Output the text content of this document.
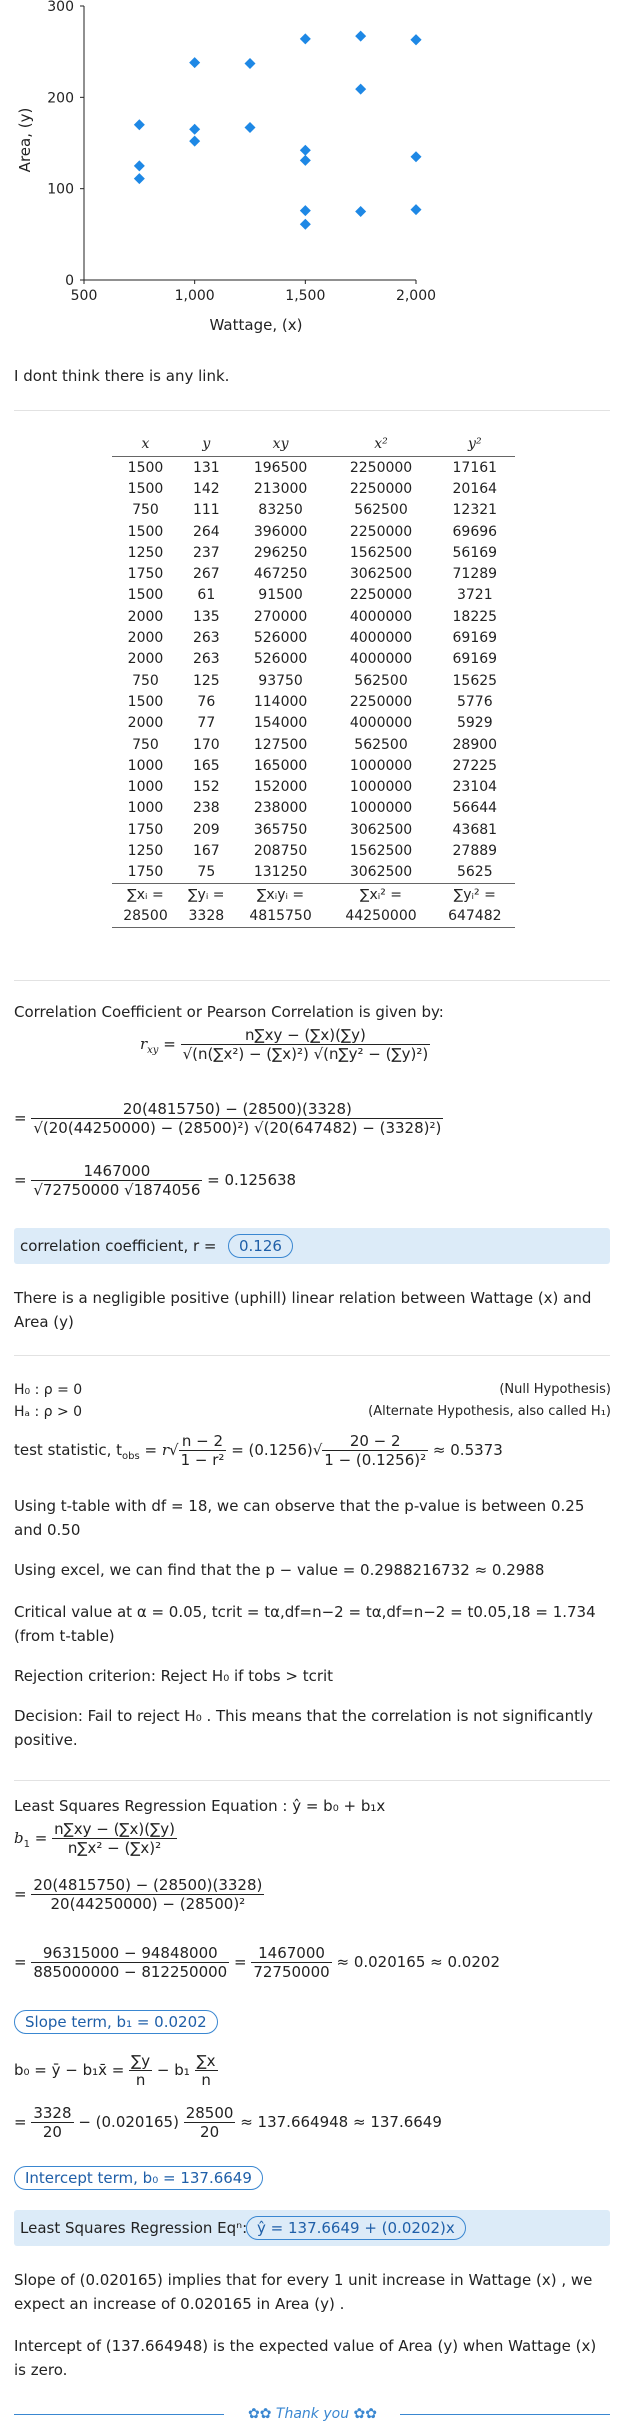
500	1,000	1,500	2,000
0
100
200
300
Wattage, (x)
Area, (y)
I dont think there is any link.
x	y	xy	x²	y²
1500	131	196500	2250000	17161
1500	142	213000	2250000	20164
750	111	83250	562500	12321
1500	264	396000	2250000	69696
1250	237	296250	1562500	56169
1750	267	467250	3062500	71289
1500	61	91500	2250000	3721
2000	135	270000	4000000	18225
2000	263	526000	4000000	69169
2000	263	526000	4000000	69169
750	125	93750	562500	15625
1500	76	114000	2250000	5776
2000	77	154000	4000000	5929
750	170	127500	562500	28900
1000	165	165000	1000000	27225
1000	152	152000	1000000	23104
1000	238	238000	1000000	56644
1750	209	365750	3062500	43681
1250	167	208750	1562500	27889
1750	75	131250	3062500	5625
∑xᵢ =	∑yᵢ =	∑xᵢyᵢ =	∑xᵢ² =	∑yᵢ² =
28500	3328	4815750	44250000	647482
Correlation Coefficient or Pearson Correlation is given by:
$r_{xy} = \frac{n\sum xy - (\sum x)(\sum y)}{\text{√(n(∑x²) − (∑x)²) √(n∑y² − (∑y)²)}}$
= $\frac{20(4815750) - (28500)(3328)}{\text{√(20(44250000) − (28500)²) √(20(647482) − (3328)²)}}$
= $\frac{1467000}{√72750000 √1874056} = 0.125638$
correlation coefficient, r =	0.126
There is a negligible positive (uphill) linear relation between Wattage (x) and Area (y)
H₀ : ρ = 0	(Null Hypothesis)
Hₐ : ρ > 0	(Alternate Hypothesis, also called H₁)
test statistic, $t_{obs} = r√ \frac{n - 2}{\text{1 − r²}} = (0.1256)√ \frac{20 - 2}{\text{1 − (0.1256)²}} \approx 0.5373$
Using t-table with df = 18, we can observe that the p-value is between 0.25 and 0.50
Using excel, we can find that the p − value = 0.2988216732 ≈ 0.2988
Critical value at α = 0.05, tcrit = tα,df=n−2 = tα,df=n−2 = t0.05,18 = 1.734 (from t-table)
Rejection criterion: Reject H₀ if tobs > tcrit
Decision: Fail to reject H₀ . This means that the correlation is not significantly positive.
Least Squares Regression Equation : ŷ = b₀ + b₁x
$b_1 = \frac{n\sum xy - (\sum x)(\sum y)}{\text{n∑x² − (∑x)²}}$
= $\frac{20(4815750) - (28500)(3328)}{\text{20(44250000) − (28500)²}}$
= $\frac{96315000 - 94848000}{885000000 - 812250000} = \frac{1467000}{72750000} \approx 0.020165 \approx 0.0202$
Slope term, b₁ = 0.0202
b₀ = ȳ − b₁x̄ = $\frac{\sum y}{n} - b_1 \frac{\sum x}{n}$
= $\frac{3328}{20} - (0.020165) \frac{28500}{20} \approx 137.664948 \approx 137.6649$
Intercept term, b₀ = 137.6649
Least Squares Regression Eqⁿ: ŷ = 137.6649 + (0.0202)x
Slope of (0.020165) implies that for every 1 unit increase in Wattage (x) , we expect an increase of 0.020165 in Area (y) .
Intercept of (137.664948) is the expected value of Area (y) when Wattage (x) is zero.
✿✿ Thank you ✿✿
